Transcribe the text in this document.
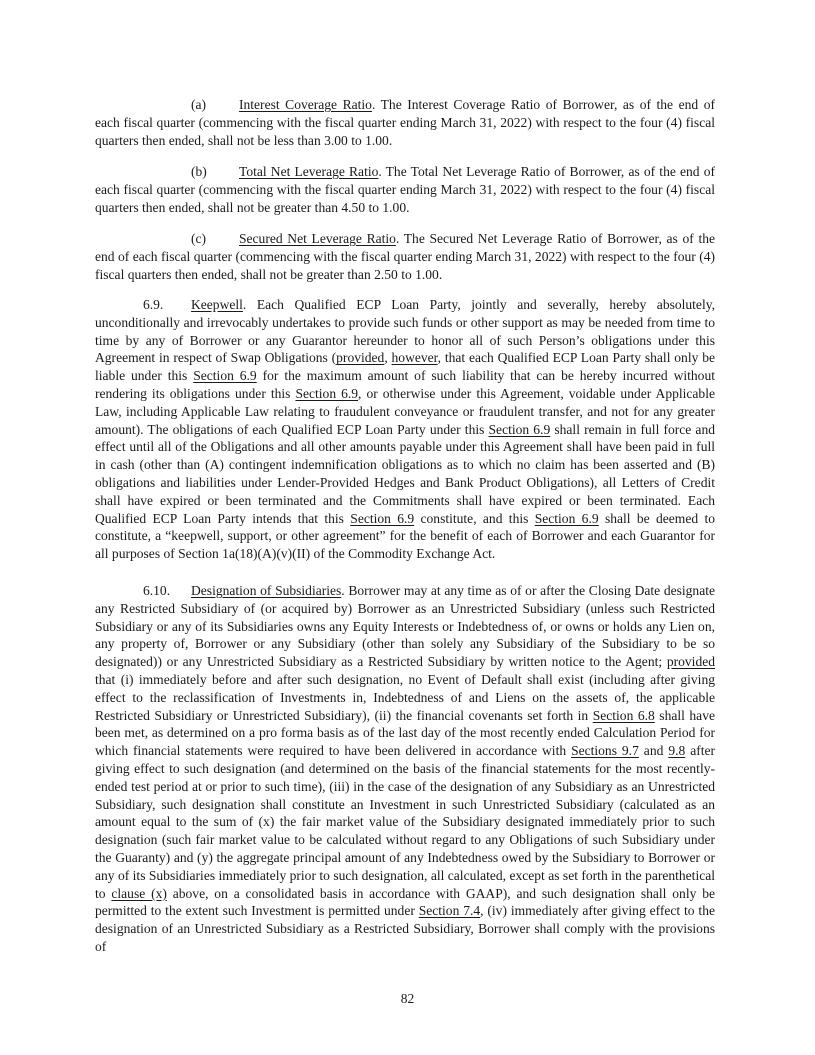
(a) Interest Coverage Ratio. The Interest Coverage Ratio of Borrower, as of the end of each fiscal quarter (commencing with the fiscal quarter ending March 31, 2022) with respect to the four (4) fiscal quarters then ended, shall not be less than 3.00 to 1.00.

(b) Total Net Leverage Ratio. The Total Net Leverage Ratio of Borrower, as of the end of each fiscal quarter (commencing with the fiscal quarter ending March 31, 2022) with respect to the four (4) fiscal quarters then ended, shall not be greater than 4.50 to 1.00.

(c) Secured Net Leverage Ratio. The Secured Net Leverage Ratio of Borrower, as of the end of each fiscal quarter (commencing with the fiscal quarter ending March 31, 2022) with respect to the four (4) fiscal quarters then ended, shall not be greater than 2.50 to 1.00.

6.9. Keepwell. Each Qualified ECP Loan Party, jointly and severally, hereby absolutely, unconditionally and irrevocably undertakes to provide such funds or other support as may be needed from time to time by any of Borrower or any Guarantor hereunder to honor all of such Person’s obligations under this Agreement in respect of Swap Obligations (provided, however, that each Qualified ECP Loan Party shall only be liable under this Section 6.9 for the maximum amount of such liability that can be hereby incurred without rendering its obligations under this Section 6.9, or otherwise under this Agreement, voidable under Applicable Law, including Applicable Law relating to fraudulent conveyance or fraudulent transfer, and not for any greater amount). The obligations of each Qualified ECP Loan Party under this Section 6.9 shall remain in full force and effect until all of the Obligations and all other amounts payable under this Agreement shall have been paid in full in cash (other than (A) contingent indemnification obligations as to which no claim has been asserted and (B) obligations and liabilities under Lender-Provided Hedges and Bank Product Obligations), all Letters of Credit shall have expired or been terminated and the Commitments shall have expired or been terminated. Each Qualified ECP Loan Party intends that this Section 6.9 constitute, and this Section 6.9 shall be deemed to constitute, a “keepwell, support, or other agreement” for the benefit of each of Borrower and each Guarantor for all purposes of Section 1a(18)(A)(v)(II) of the Commodity Exchange Act.

6.10. Designation of Subsidiaries. Borrower may at any time as of or after the Closing Date designate any Restricted Subsidiary of (or acquired by) Borrower as an Unrestricted Subsidiary (unless such Restricted Subsidiary or any of its Subsidiaries owns any Equity Interests or Indebtedness of, or owns or holds any Lien on, any property of, Borrower or any Subsidiary (other than solely any Subsidiary of the Subsidiary to be so designated)) or any Unrestricted Subsidiary as a Restricted Subsidiary by written notice to the Agent; provided that (i) immediately before and after such designation, no Event of Default shall exist (including after giving effect to the reclassification of Investments in, Indebtedness of and Liens on the assets of, the applicable Restricted Subsidiary or Unrestricted Subsidiary), (ii) the financial covenants set forth in Section 6.8 shall have been met, as determined on a pro forma basis as of the last day of the most recently ended Calculation Period for which financial statements were required to have been delivered in accordance with Sections 9.7 and 9.8 after giving effect to such designation (and determined on the basis of the financial statements for the most recently-ended test period at or prior to such time), (iii) in the case of the designation of any Subsidiary as an Unrestricted Subsidiary, such designation shall constitute an Investment in such Unrestricted Subsidiary (calculated as an amount equal to the sum of (x) the fair market value of the Subsidiary designated immediately prior to such designation (such fair market value to be calculated without regard to any Obligations of such Subsidiary under the Guaranty) and (y) the aggregate principal amount of any Indebtedness owed by the Subsidiary to Borrower or any of its Subsidiaries immediately prior to such designation, all calculated, except as set forth in the parenthetical to clause (x) above, on a consolidated basis in accordance with GAAP), and such designation shall only be permitted to the extent such Investment is permitted under Section 7.4, (iv) immediately after giving effect to the designation of an Unrestricted Subsidiary as a Restricted Subsidiary, Borrower shall comply with the provisions of

82
